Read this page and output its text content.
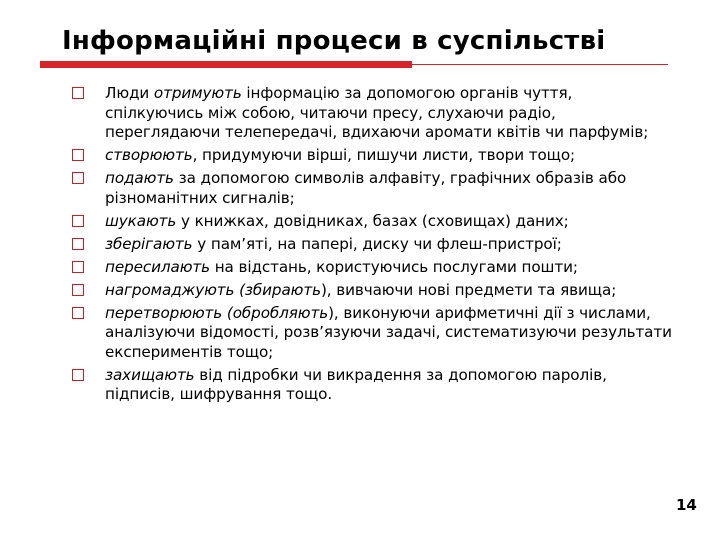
Інформаційні процеси в суспільстві
Люди отримують інформацію за допомогою органів чуття, спілкуючись між собою, читаючи пресу, слухаючи радіо, переглядаючи телепередачі, вдихаючи аромати квітів чи парфумів;
створюють, придумуючи вірші, пишучи листи, твори тощо;
подають за допомогою символів алфавіту, графічних образів або різноманітних сигналів;
шукають у книжках, довідниках, базах (сховищах) даних;
зберігають у пам’яті, на папері, диску чи флеш-пристрої;
пересилають на відстань, користуючись послугами пошти;
нагромаджують (збирають), вивчаючи нові предмети та явища;
перетворюють (обробляють), виконуючи арифметичні дії з числами, аналізуючи відомості, розв’язуючи задачі, систематизуючи результати експериментів тощо;
захищають від підробки чи викрадення за допомогою паролів, підписів, шифрування тощо.
14
